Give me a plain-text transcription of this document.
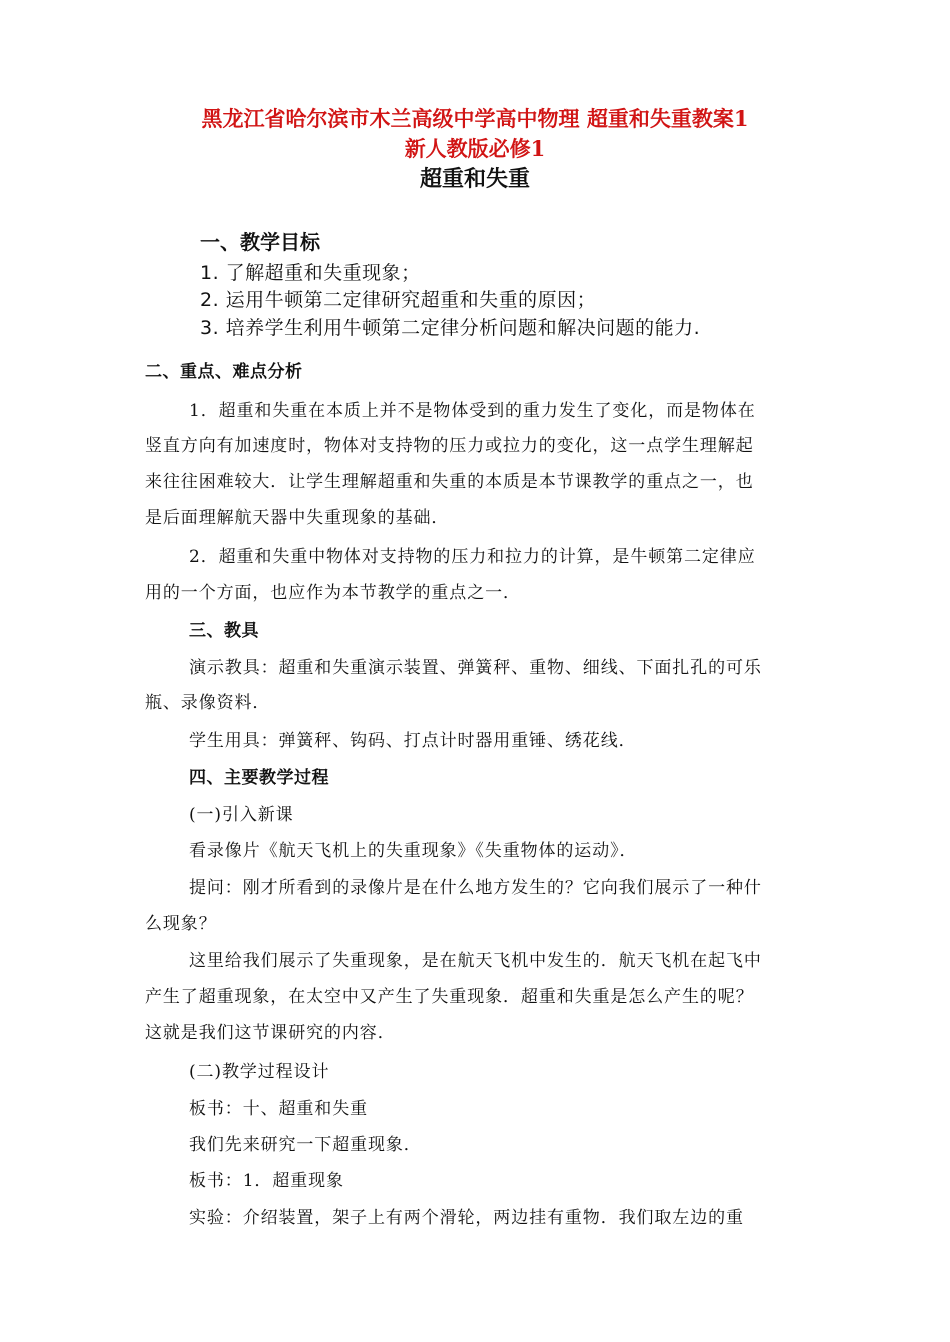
黑龙江省哈尔滨市木兰高级中学高中物理 超重和失重教案1
新人教版必修1
超重和失重
一、教学目标
1. 了解超重和失重现象；
2. 运用牛顿第二定律研究超重和失重的原因；
3. 培养学生利用牛顿第二定律分析问题和解决问题的能力.
二、重点、难点分析
1．超重和失重在本质上并不是物体受到的重力发生了变化，而是物体在
竖直方向有加速度时，物体对支持物的压力或拉力的变化，这一点学生理解起
来往往困难较大．让学生理解超重和失重的本质是本节课教学的重点之一，也
是后面理解航天器中失重现象的基础．
2．超重和失重中物体对支持物的压力和拉力的计算，是牛顿第二定律应
用的一个方面，也应作为本节教学的重点之一．
三、教具
演示教具：超重和失重演示装置、弹簧秤、重物、细线、下面扎孔的可乐
瓶、录像资料．
学生用具：弹簧秤、钩码、打点计时器用重锤、绣花线．
四、主要教学过程
(一)引入新课
看录像片《航天飞机上的失重现象》《失重物体的运动》．
提问：刚才所看到的录像片是在什么地方发生的？它向我们展示了一种什
么现象？
这里给我们展示了失重现象，是在航天飞机中发生的．航天飞机在起飞中
产生了超重现象，在太空中又产生了失重现象．超重和失重是怎么产生的呢？
这就是我们这节课研究的内容．
(二)教学过程设计
板书：十、超重和失重
我们先来研究一下超重现象．
板书：1．超重现象
实验：介绍装置，架子上有两个滑轮，两边挂有重物．我们取左边的重
